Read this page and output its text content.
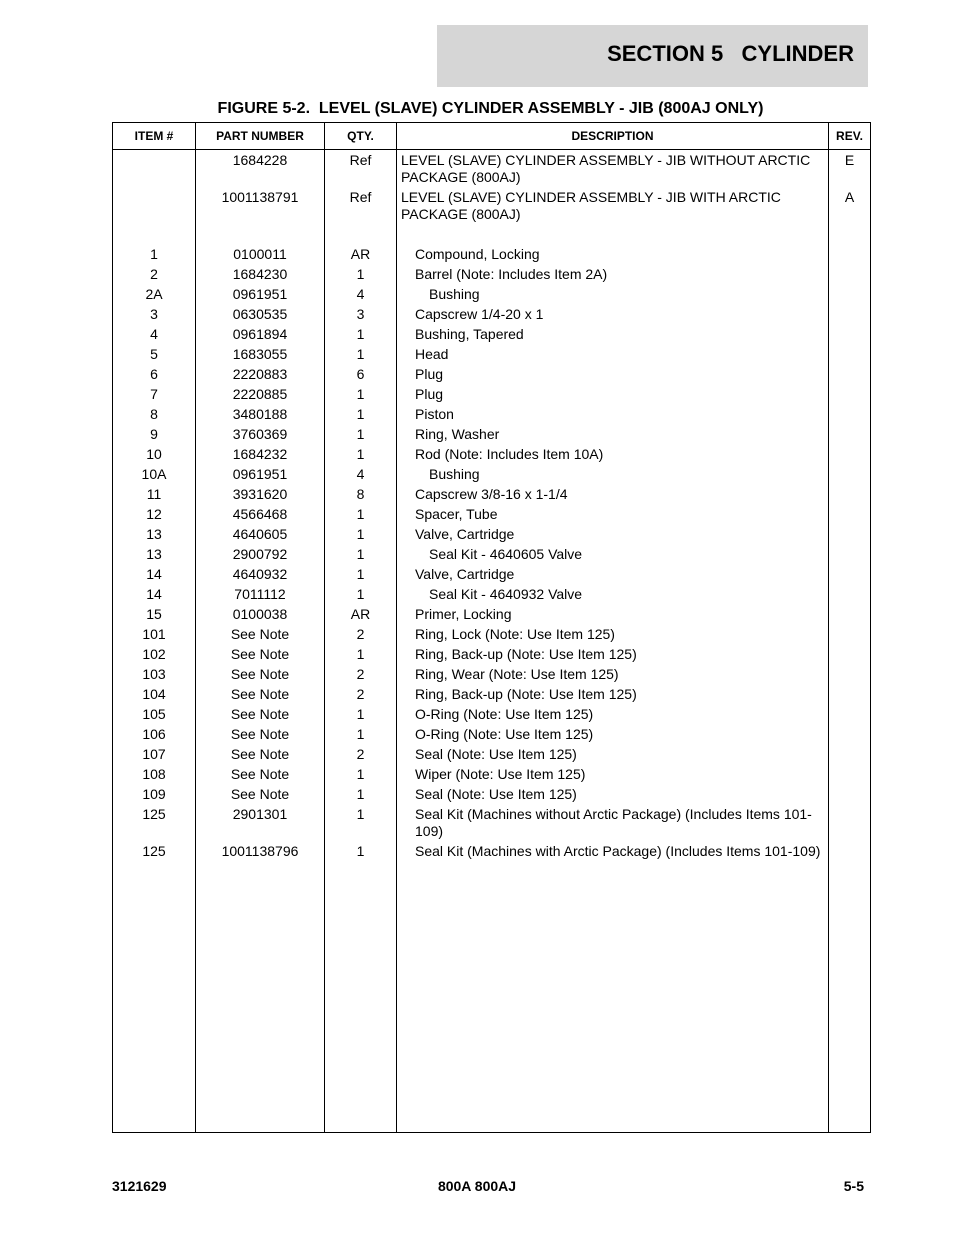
SECTION 5   CYLINDER
FIGURE 5-2.  LEVEL (SLAVE) CYLINDER ASSEMBLY - JIB (800AJ ONLY)
ITEM #	PART NUMBER	QTY.	DESCRIPTION	REV.
	1684228	Ref	LEVEL (SLAVE) CYLINDER ASSEMBLY - JIB WITHOUT ARCTIC PACKAGE (800AJ)	E
	1001138791	Ref	LEVEL (SLAVE) CYLINDER ASSEMBLY - JIB WITH ARCTIC PACKAGE (800AJ)	A

1	0100011	AR	Compound, Locking	
2	1684230	1	Barrel (Note: Includes Item 2A)	
2A	0961951	4	Bushing	
3	0630535	3	Capscrew 1/4-20 x 1	
4	0961894	1	Bushing, Tapered	
5	1683055	1	Head	
6	2220883	6	Plug	
7	2220885	1	Plug	
8	3480188	1	Piston	
9	3760369	1	Ring, Washer	
10	1684232	1	Rod (Note: Includes Item 10A)	
10A	0961951	4	Bushing	
11	3931620	8	Capscrew 3/8-16 x 1-1/4	
12	4566468	1	Spacer, Tube	
13	4640605	1	Valve, Cartridge	
13	2900792	1	Seal Kit - 4640605 Valve	
14	4640932	1	Valve, Cartridge	
14	7011112	1	Seal Kit - 4640932 Valve	
15	0100038	AR	Primer, Locking	
101	See Note	2	Ring, Lock (Note: Use Item 125)	
102	See Note	1	Ring, Back-up (Note: Use Item 125)	
103	See Note	2	Ring, Wear (Note: Use Item 125)	
104	See Note	2	Ring, Back-up (Note: Use Item 125)	
105	See Note	1	O-Ring (Note: Use Item 125)	
106	See Note	1	O-Ring (Note: Use Item 125)	
107	See Note	2	Seal (Note: Use Item 125)	
108	See Note	1	Wiper (Note: Use Item 125)	
109	See Note	1	Seal (Note: Use Item 125)	
125	2901301	1	Seal Kit (Machines without Arctic Package) (Includes Items 101-109)	
125	1001138796	1	Seal Kit (Machines with Arctic Package) (Includes Items 101-109)	

3121629	800A 800AJ	5-5
